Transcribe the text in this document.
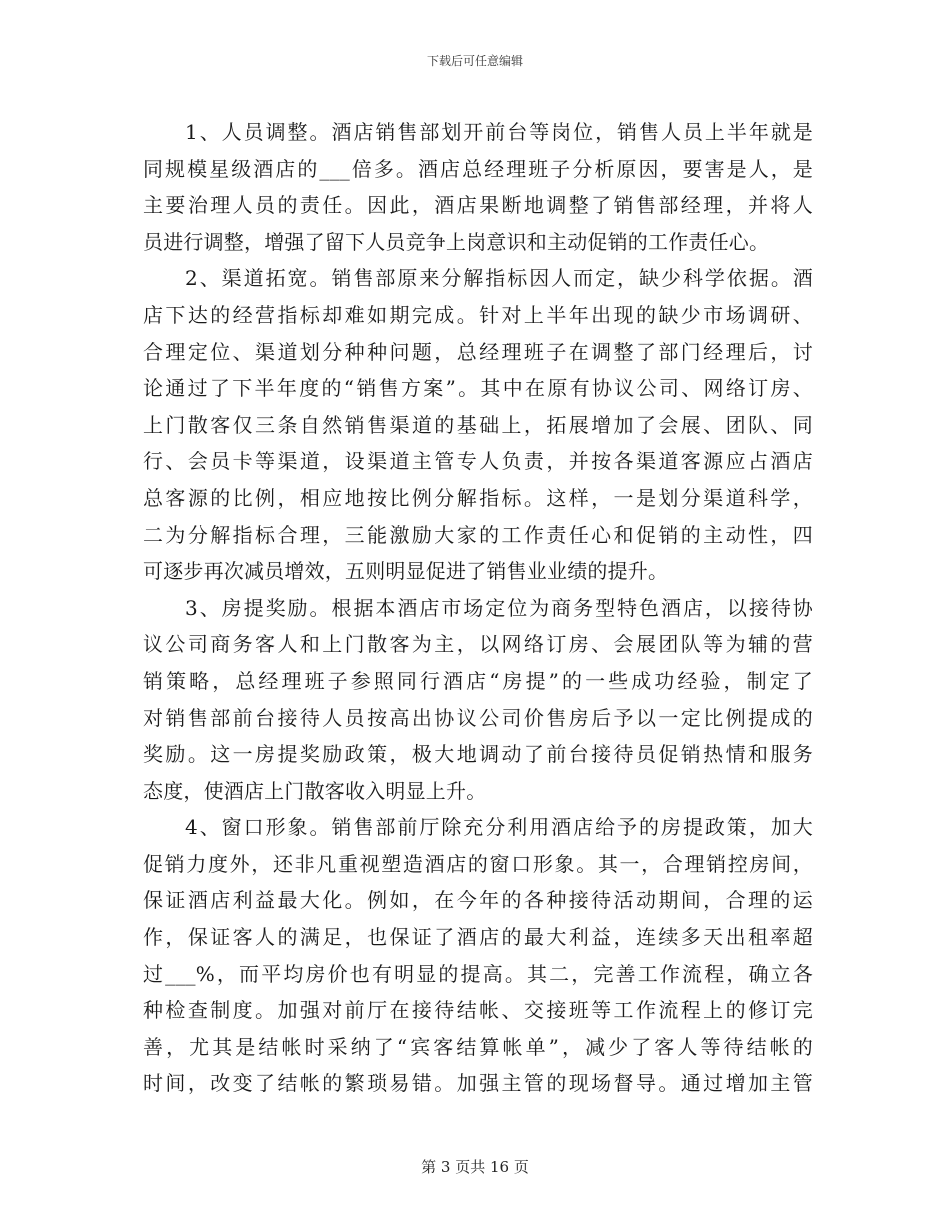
下载后可任意编辑
1、人员调整。酒店销售部划开前台等岗位，销售人员上半年就是
同规模星级酒店的___倍多。酒店总经理班子分析原因，要害是人，是
主要治理人员的责任。因此，酒店果断地调整了销售部经理，并将人
员进行调整，增强了留下人员竞争上岗意识和主动促销的工作责任心。
2、渠道拓宽。销售部原来分解指标因人而定，缺少科学依据。酒
店下达的经营指标却难如期完成。针对上半年出现的缺少市场调研、
合理定位、渠道划分种种问题，总经理班子在调整了部门经理后，讨
论通过了下半年度的“销售方案”。其中在原有协议公司、网络订房、
上门散客仅三条自然销售渠道的基础上，拓展增加了会展、团队、同
行、会员卡等渠道，设渠道主管专人负责，并按各渠道客源应占酒店
总客源的比例，相应地按比例分解指标。这样，一是划分渠道科学，
二为分解指标合理，三能激励大家的工作责任心和促销的主动性，四
可逐步再次减员增效，五则明显促进了销售业业绩的提升。
3、房提奖励。根据本酒店市场定位为商务型特色酒店，以接待协
议公司商务客人和上门散客为主，以网络订房、会展团队等为辅的营
销策略，总经理班子参照同行酒店“房提”的一些成功经验，制定了
对销售部前台接待人员按高出协议公司价售房后予以一定比例提成的
奖励。这一房提奖励政策，极大地调动了前台接待员促销热情和服务
态度，使酒店上门散客收入明显上升。
4、窗口形象。销售部前厅除充分利用酒店给予的房提政策，加大
促销力度外，还非凡重视塑造酒店的窗口形象。其一，合理销控房间，
保证酒店利益最大化。例如，在今年的各种接待活动期间，合理的运
作，保证客人的满足，也保证了酒店的最大利益，连续多天出租率超
过___%，而平均房价也有明显的提高。其二，完善工作流程，确立各
种检查制度。加强对前厅在接待结帐、交接班等工作流程上的修订完
善，尤其是结帐时采纳了“宾客结算帐单”，减少了客人等待结帐的
时间，改变了结帐的繁琐易错。加强主管的现场督导。通过增加主管
第 3 页共 16 页
